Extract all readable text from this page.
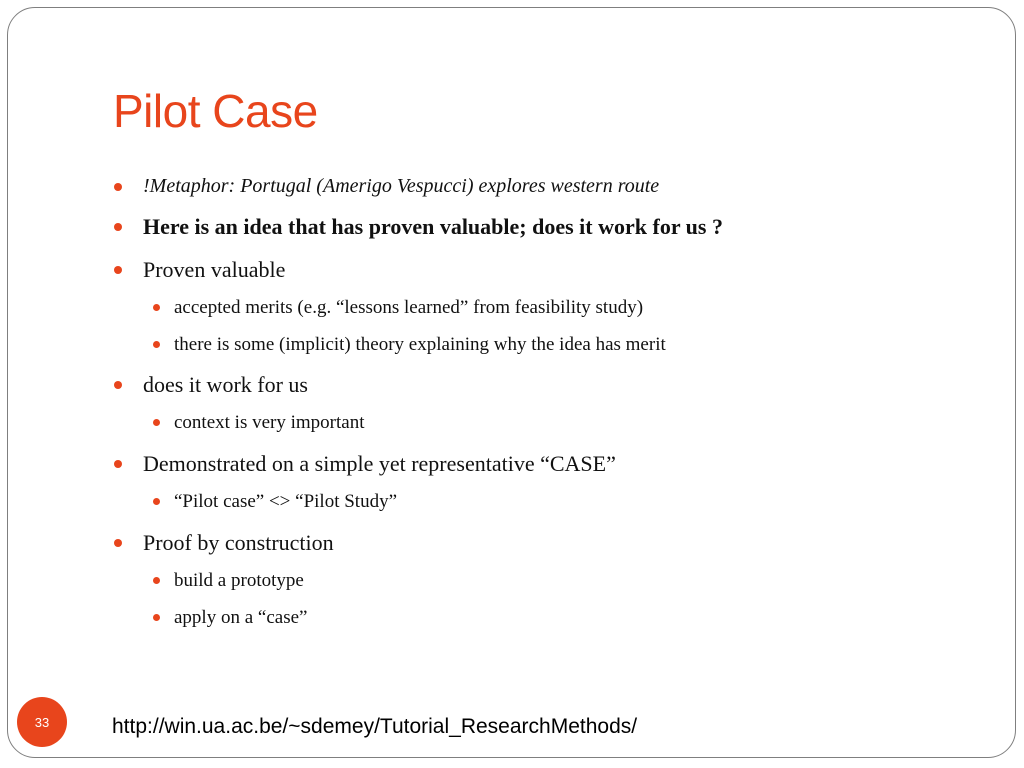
Pilot Case
!Metaphor: Portugal (Amerigo Vespucci) explores western route
Here is an idea that has proven valuable; does it work for us ?
Proven valuable
accepted merits (e.g. “lessons learned” from feasibility study)
there is some (implicit) theory explaining why the idea has merit
does it work for us
context is very important
Demonstrated on a simple yet representative “CASE”
“Pilot case” <> “Pilot Study”
Proof by construction
build a prototype
apply on a “case”
33	http://win.ua.ac.be/~sdemey/Tutorial_ResearchMethods/
